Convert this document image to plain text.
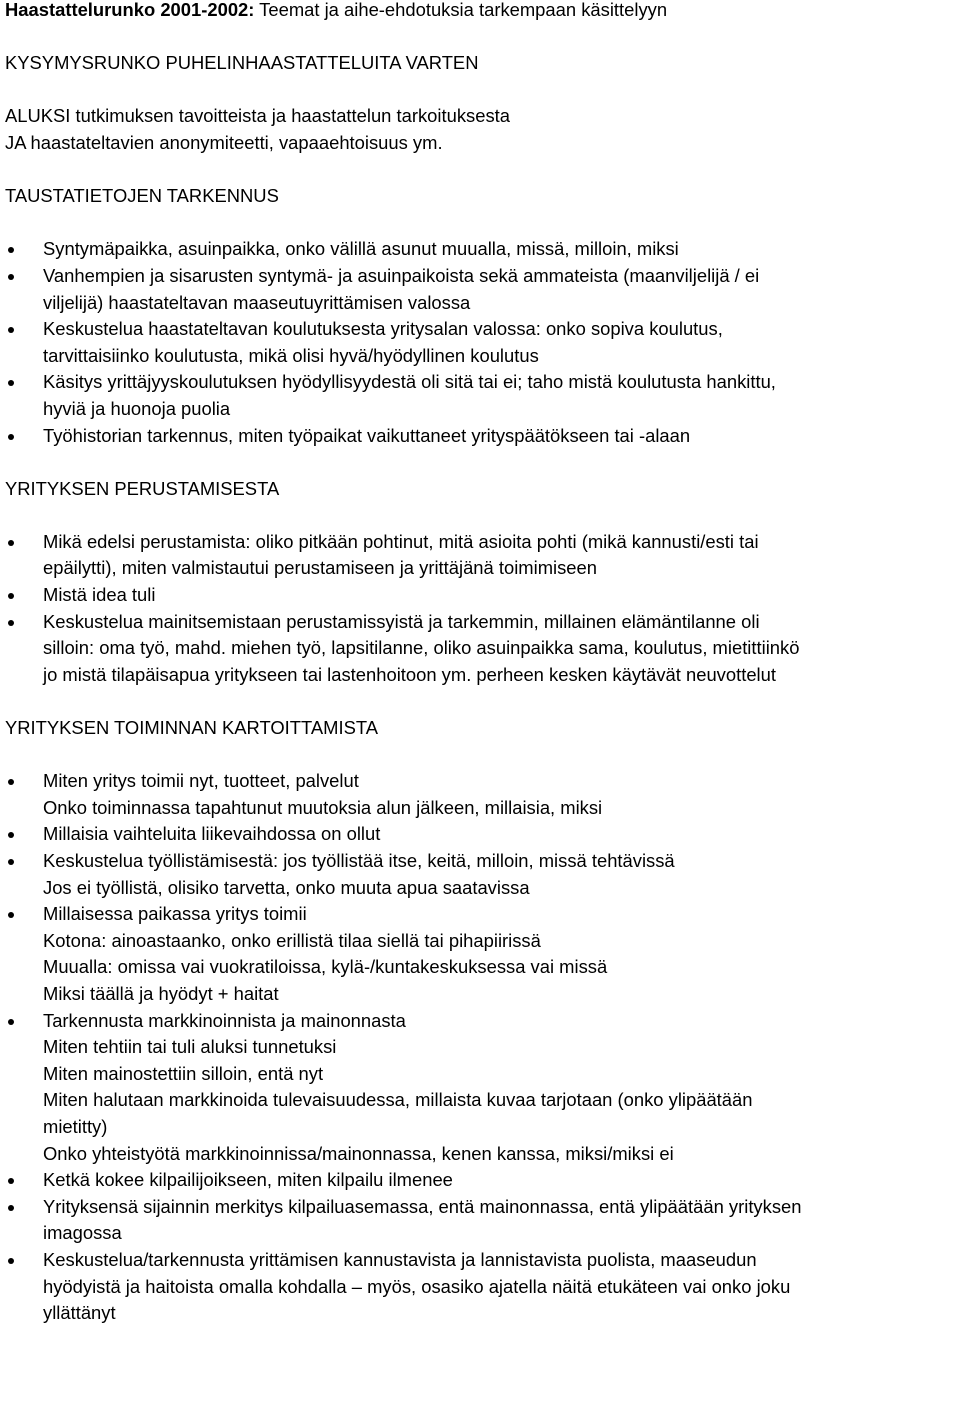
Haastattelurunko 2001-2002: Teemat ja aihe-ehdotuksia tarkempaan käsittelyyn
KYSYMYSRUNKO PUHELINHAASTATTELUITA VARTEN
ALUKSI tutkimuksen tavoitteista ja haastattelun tarkoituksesta
JA haastateltavien anonymiteetti, vapaaehtoisuus ym.
TAUSTATIETOJEN TARKENNUS
Syntymäpaikka, asuinpaikka, onko välillä asunut muualla, missä, milloin, miksi
Vanhempien ja sisarusten syntymä- ja asuinpaikoista sekä ammateista (maanviljelijä / ei
viljelijä) haastateltavan maaseutuyrittämisen valossa
Keskustelua haastateltavan koulutuksesta yritysalan valossa: onko sopiva koulutus,
tarvittaisiinko koulutusta, mikä olisi hyvä/hyödyllinen koulutus
Käsitys yrittäjyyskoulutuksen hyödyllisyydestä oli sitä tai ei; taho mistä koulutusta hankittu,
hyviä ja huonoja puolia
Työhistorian tarkennus, miten työpaikat vaikuttaneet yrityspäätökseen tai -alaan
YRITYKSEN PERUSTAMISESTA
Mikä edelsi perustamista: oliko pitkään pohtinut, mitä asioita pohti (mikä kannusti/esti tai
epäilytti), miten valmistautui perustamiseen ja yrittäjänä toimimiseen
Mistä idea tuli
Keskustelua mainitsemistaan perustamissyistä ja tarkemmin, millainen elämäntilanne oli
silloin: oma työ, mahd. miehen työ, lapsitilanne, oliko asuinpaikka sama, koulutus, mietittiinkö
jo mistä tilapäisapua yritykseen tai lastenhoitoon ym. perheen kesken käytävät neuvottelut
YRITYKSEN TOIMINNAN KARTOITTAMISTA
Miten yritys toimii nyt, tuotteet, palvelut
Onko toiminnassa tapahtunut muutoksia alun jälkeen, millaisia, miksi
Millaisia vaihteluita liikevaihdossa on ollut
Keskustelua työllistämisestä: jos työllistää itse, keitä, milloin, missä tehtävissä
Jos ei työllistä, olisiko tarvetta, onko muuta apua saatavissa
Millaisessa paikassa yritys toimii
Kotona: ainoastaanko, onko erillistä tilaa siellä tai pihapiirissä
Muualla: omissa vai vuokratiloissa, kylä-/kuntakeskuksessa vai missä
Miksi täällä ja hyödyt + haitat
Tarkennusta markkinoinnista ja mainonnasta
Miten tehtiin tai tuli aluksi tunnetuksi
Miten mainostettiin silloin, entä nyt
Miten halutaan markkinoida tulevaisuudessa, millaista kuvaa tarjotaan (onko ylipäätään
mietitty)
Onko yhteistyötä markkinoinnissa/mainonnassa, kenen kanssa, miksi/miksi ei
Ketkä kokee kilpailijoikseen, miten kilpailu ilmenee
Yrityksensä sijainnin merkitys kilpailuasemassa, entä mainonnassa, entä ylipäätään yrityksen
imagossa
Keskustelua/tarkennusta yrittämisen kannustavista ja lannistavista puolista, maaseudun
hyödyistä ja haitoista omalla kohdalla – myös, osasiko ajatella näitä etukäteen vai onko joku
yllättänyt
